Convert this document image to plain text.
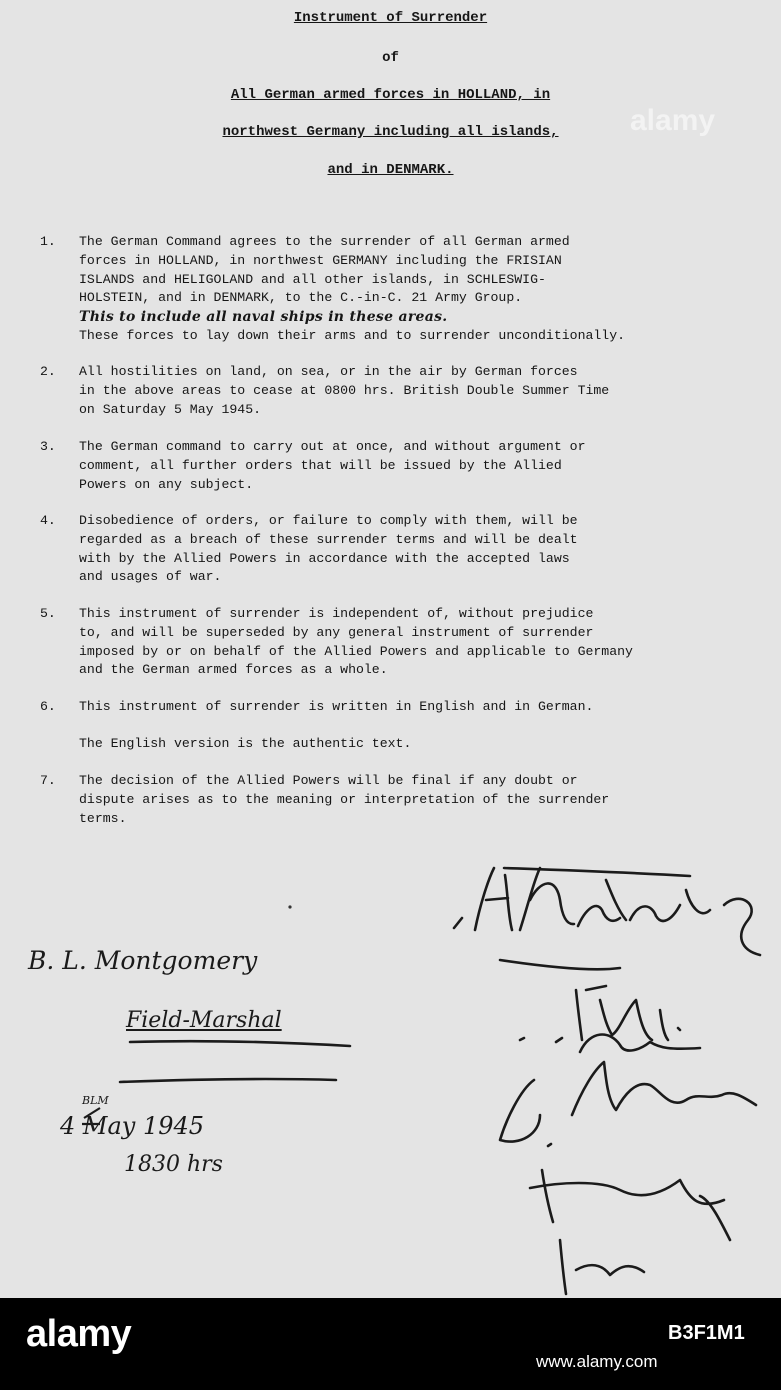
alamy
Instrument of Surrender
of
All German armed forces in HOLLAND, in
northwest Germany including all islands,
and in DENMARK.
1.	The German Command agrees to the surrender of all German armed
forces in HOLLAND, in northwest GERMANY including the FRISIAN
ISLANDS and HELIGOLAND and all other islands, in SCHLESWIG-
HOLSTEIN, and in DENMARK, to the C.-in-C. 21 Army Group.
This to include all naval ships in these areas.
These forces to lay down their arms and to surrender unconditionally.
2.	All hostilities on land, on sea, or in the air by German forces
in the above areas to cease at 0800 hrs. British Double Summer Time
on Saturday 5 May 1945.
3.	The German command to carry out at once, and without argument or
comment, all further orders that will be issued by the Allied
Powers on any subject.
4.	Disobedience of orders, or failure to comply with them, will be
regarded as a breach of these surrender terms and will be dealt
with by the Allied Powers in accordance with the accepted laws
and usages of war.
5.	This instrument of surrender is independent of, without prejudice
to, and will be superseded by any general instrument of surrender
imposed by or on behalf of the Allied Powers and applicable to Germany
and the German armed forces as a whole.
6.	This instrument of surrender is written in English and in German.
The English version is the authentic text.
7.	The decision of the Allied Powers will be final if any doubt or
dispute arises as to the meaning or interpretation of the surrender
terms.
B. L. Montgomery
Field-Marshal
BLM
4 May 1945
1830 hrs
alamy	B3F1M1
www.alamy.com
